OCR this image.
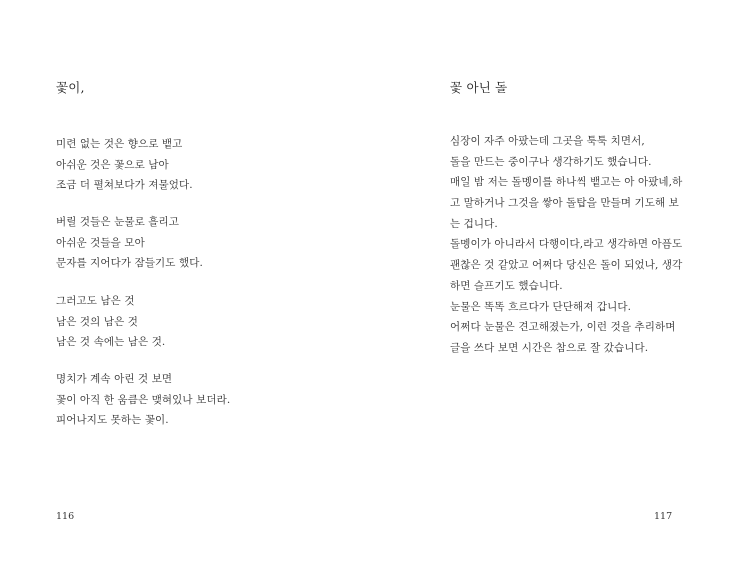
꽃이,
미련 없는 것은 향으로 뱉고
아쉬운 것은 꽃으로 남아
조금 더 펼쳐보다가 져물었다.
버릴 것들은 눈물로 흘리고
아쉬운 것들을 모아
문자를 지어다가 잠들기도 했다.
그러고도 남은 것
남은 것의 남은 것
남은 것 속에는 남은 것.
명치가 계속 아린 것 보면
꽃이 아직 한 움큼은 맺혀있나 보더라.
피어나지도 못하는 꽃이.
116
꽃 아닌 돌
심장이 자주 아팠는데 그곳을 툭툭 치면서,
돌을 만드는 중이구나 생각하기도 했습니다.
매일 밤 저는 돌멩이를 하나씩 뱉고는 아 아팠네,하
고 말하거나 그것을 쌓아 돌탑을 만들며 기도해 보
는 겁니다.
돌멩이가 아니라서 다행이다,라고 생각하면 아픔도
괜찮은 것 같았고 어쩌다 당신은 돌이 되었나, 생각
하면 슬프기도 했습니다.
눈물은 똑똑 흐르다가 단단해져 갑니다.
어쩌다 눈물은 견고해졌는가, 이런 것을 추리하며
글을 쓰다 보면 시간은 참으로 잘 갔습니다.
117
